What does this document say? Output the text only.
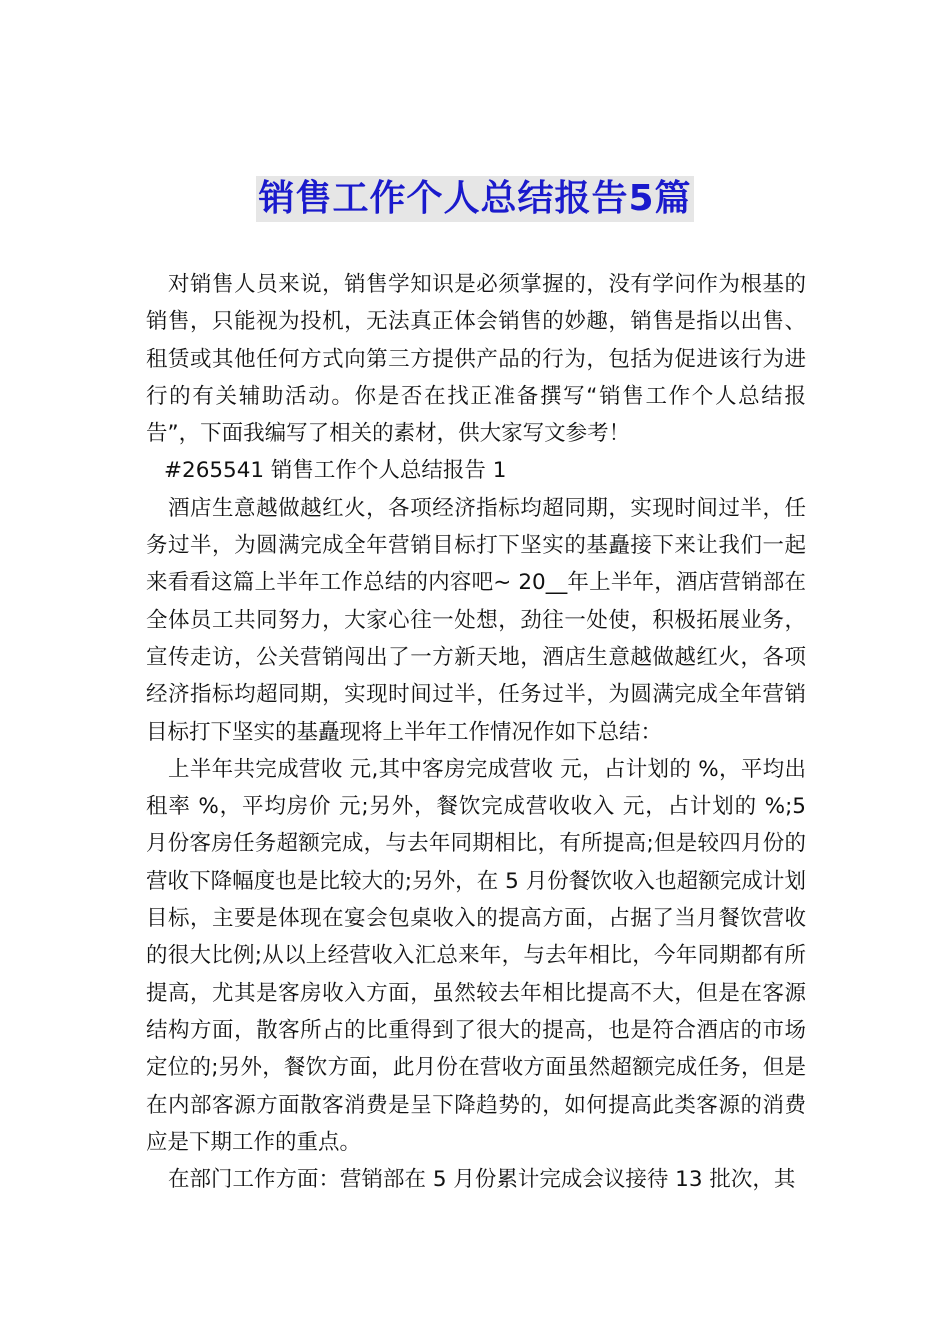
销售工作个人总结报告5篇

对销售人员来说，销售学知识是必须掌握的，没有学问作为根基的销售，只能视为投机，无法真正体会销售的妙趣，销售是指以出售、租赁或其他任何方式向第三方提供产品的行为，包括为促进该行为进行的有关辅助活动。你是否在找正准备撰写“销售工作个人总结报告”，下面我编写了相关的素材，供大家写文参考！

#265541 销售工作个人总结报告 1

酒店生意越做越红火，各项经济指标均超同期，实现时间过半，任务过半，为圆满完成全年营销目标打下坚实的基矗接下来让我们一起来看看这篇上半年工作总结的内容吧~ 20__年上半年，酒店营销部在全体员工共同努力，大家心往一处想，劲往一处使，积极拓展业务，宣传走访，公关营销闯出了一方新天地，酒店生意越做越红火，各项经济指标均超同期，实现时间过半，任务过半，为圆满完成全年营销目标打下坚实的基矗现将上半年工作情况作如下总结：

上半年共完成营收 元,其中客房完成营收 元，占计划的 %，平均出租率 %，平均房价 元;另外，餐饮完成营收收入 元，占计划的 %;5 月份客房任务超额完成，与去年同期相比，有所提高;但是较四月份的营收下降幅度也是比较大的;另外，在 5 月份餐饮收入也超额完成计划目标，主要是体现在宴会包桌收入的提高方面，占据了当月餐饮营收的很大比例;从以上经营收入汇总来年，与去年相比，今年同期都有所提高，尤其是客房收入方面，虽然较去年相比提高不大，但是在客源 结构方面，散客所占的比重得到了很大的提高，也是符合酒店的市场定位的;另外，餐饮方面，此月份在营收方面虽然超额完成任务，但是在内部客源方面散客消费是呈下降趋势的，如何提高此类客源的消费应是下期工作的重点。

在部门工作方面：营销部在 5 月份累计完成会议接待 13 批次，其
